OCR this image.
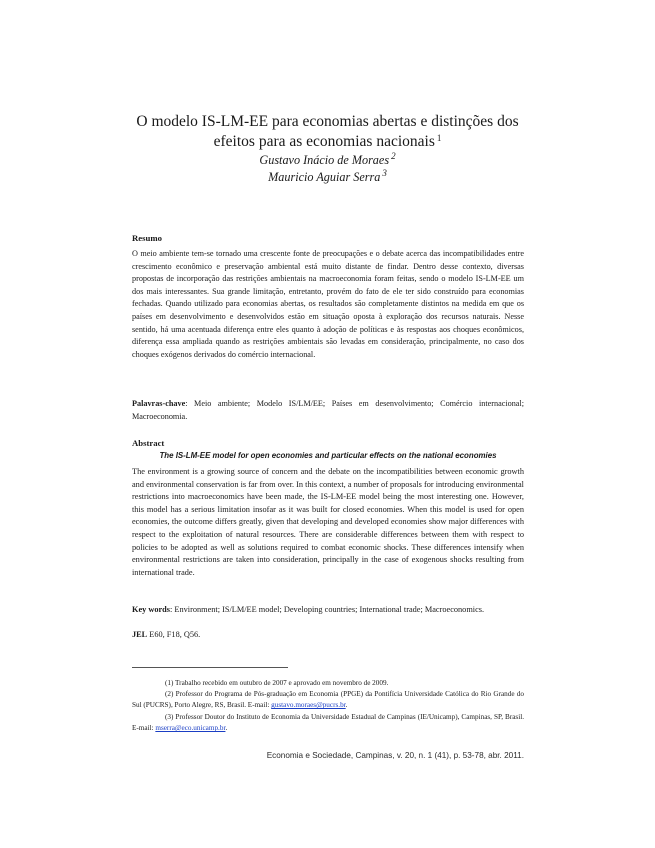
O modelo IS-LM-EE para economias abertas e distinções dos
efeitos para as economias nacionais $^1$
Gustavo Inácio de Moraes $^2$
Mauricio Aguiar Serra $^3$
Resumo
O meio ambiente tem-se tornado uma crescente fonte de preocupações e o debate acerca das incompatibilidades entre crescimento econômico e preservação ambiental está muito distante de findar. Dentro desse contexto, diversas propostas de incorporação das restrições ambientais na macroeconomia foram feitas, sendo o modelo IS-LM-EE um dos mais interessantes. Sua grande limitação, entretanto, provém do fato de ele ter sido construído para economias fechadas. Quando utilizado para economias abertas, os resultados são completamente distintos na medida em que os países em desenvolvimento e desenvolvidos estão em situação oposta à exploração dos recursos naturais. Nesse sentido, há uma acentuada diferença entre eles quanto à adoção de políticas e às respostas aos choques econômicos, diferença essa ampliada quando as restrições ambientais são levadas em consideração, principalmente, no caso dos choques exógenos derivados do comércio internacional.
Palavras-chave: Meio ambiente; Modelo IS/LM/EE; Países em desenvolvimento; Comércio internacional; Macroeconomia.
Abstract
The IS-LM-EE model for open economies and particular effects on the national economies
The environment is a growing source of concern and the debate on the incompatibilities between economic growth and environmental conservation is far from over. In this context, a number of proposals for introducing environmental restrictions into macroeconomics have been made, the IS-LM-EE model being the most interesting one. However, this model has a serious limitation insofar as it was built for closed economies. When this model is used for open economies, the outcome differs greatly, given that developing and developed economies show major differences with respect to the exploitation of natural resources. There are considerable differences between them with respect to policies to be adopted as well as solutions required to combat economic shocks. These differences intensify when environmental restrictions are taken into consideration, principally in the case of exogenous shocks resulting from international trade.
Key words: Environment; IS/LM/EE model; Developing countries; International trade; Macroeconomics.
JEL E60, F18, Q56.
(1) Trabalho recebido em outubro de 2007 e aprovado em novembro de 2009.
(2) Professor do Programa de Pós-graduação em Economia (PPGE) da Pontifícia Universidade Católica do Rio Grande do Sul (PUCRS), Porto Alegre, RS, Brasil. E-mail: gustavo.moraes@pucrs.br.
(3) Professor Doutor do Instituto de Economia da Universidade Estadual de Campinas (IE/Unicamp), Campinas, SP, Brasil. E-mail: mserra@eco.unicamp.br.
Economia e Sociedade, Campinas, v. 20, n. 1 (41), p. 53-78, abr. 2011.
